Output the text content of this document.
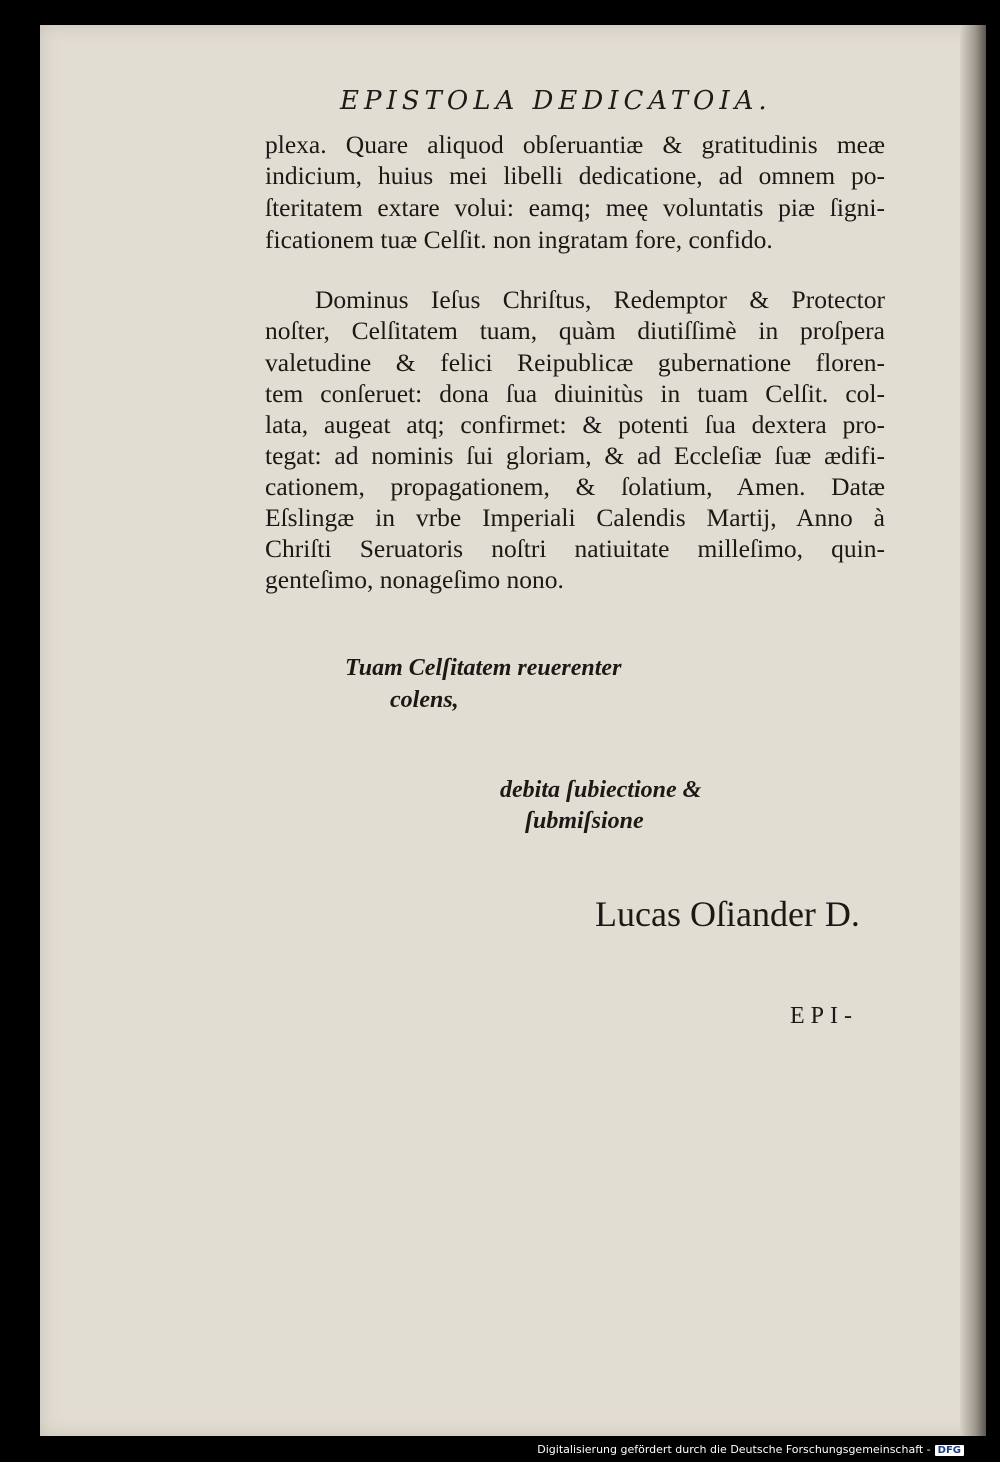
EPISTOLA DEDICATOIA.
plexa. Quare aliquod obſeruantiæ & gratitudinis meæ
indicium, huius mei libelli dedicatione, ad omnem po-
ſteritatem extare volui: eamq; meę voluntatis piæ ſigni-
ficationem tuæ Celſit. non ingratam fore, confido.
Dominus Ieſus Chriſtus, Redemptor & Protector
noſter, Celſitatem tuam, quàm diutiſſimè in proſpera
valetudine & felici Reipublicæ gubernatione floren-
tem conſeruet: dona ſua diuinitùs in tuam Celſit. col-
lata, augeat atq; confirmet: & potenti ſua dextera pro-
tegat: ad nominis ſui gloriam, & ad Eccleſiæ ſuæ ædifi-
cationem, propagationem, & ſolatium, Amen. Datæ
Eſslingæ in vrbe Imperiali Calendis Martij, Anno à
Chriſti Seruatoris noſtri natiuitate milleſimo, quin-
genteſimo, nonageſimo nono.
Tuam Celſitatem reuerenter
colens,
debita ſubiectione &
ſubmiſsione
Lucas Oſiander D.
EPI-
Digitalisierung gefördert durch die Deutsche Forschungsgemeinschaft - DFG
